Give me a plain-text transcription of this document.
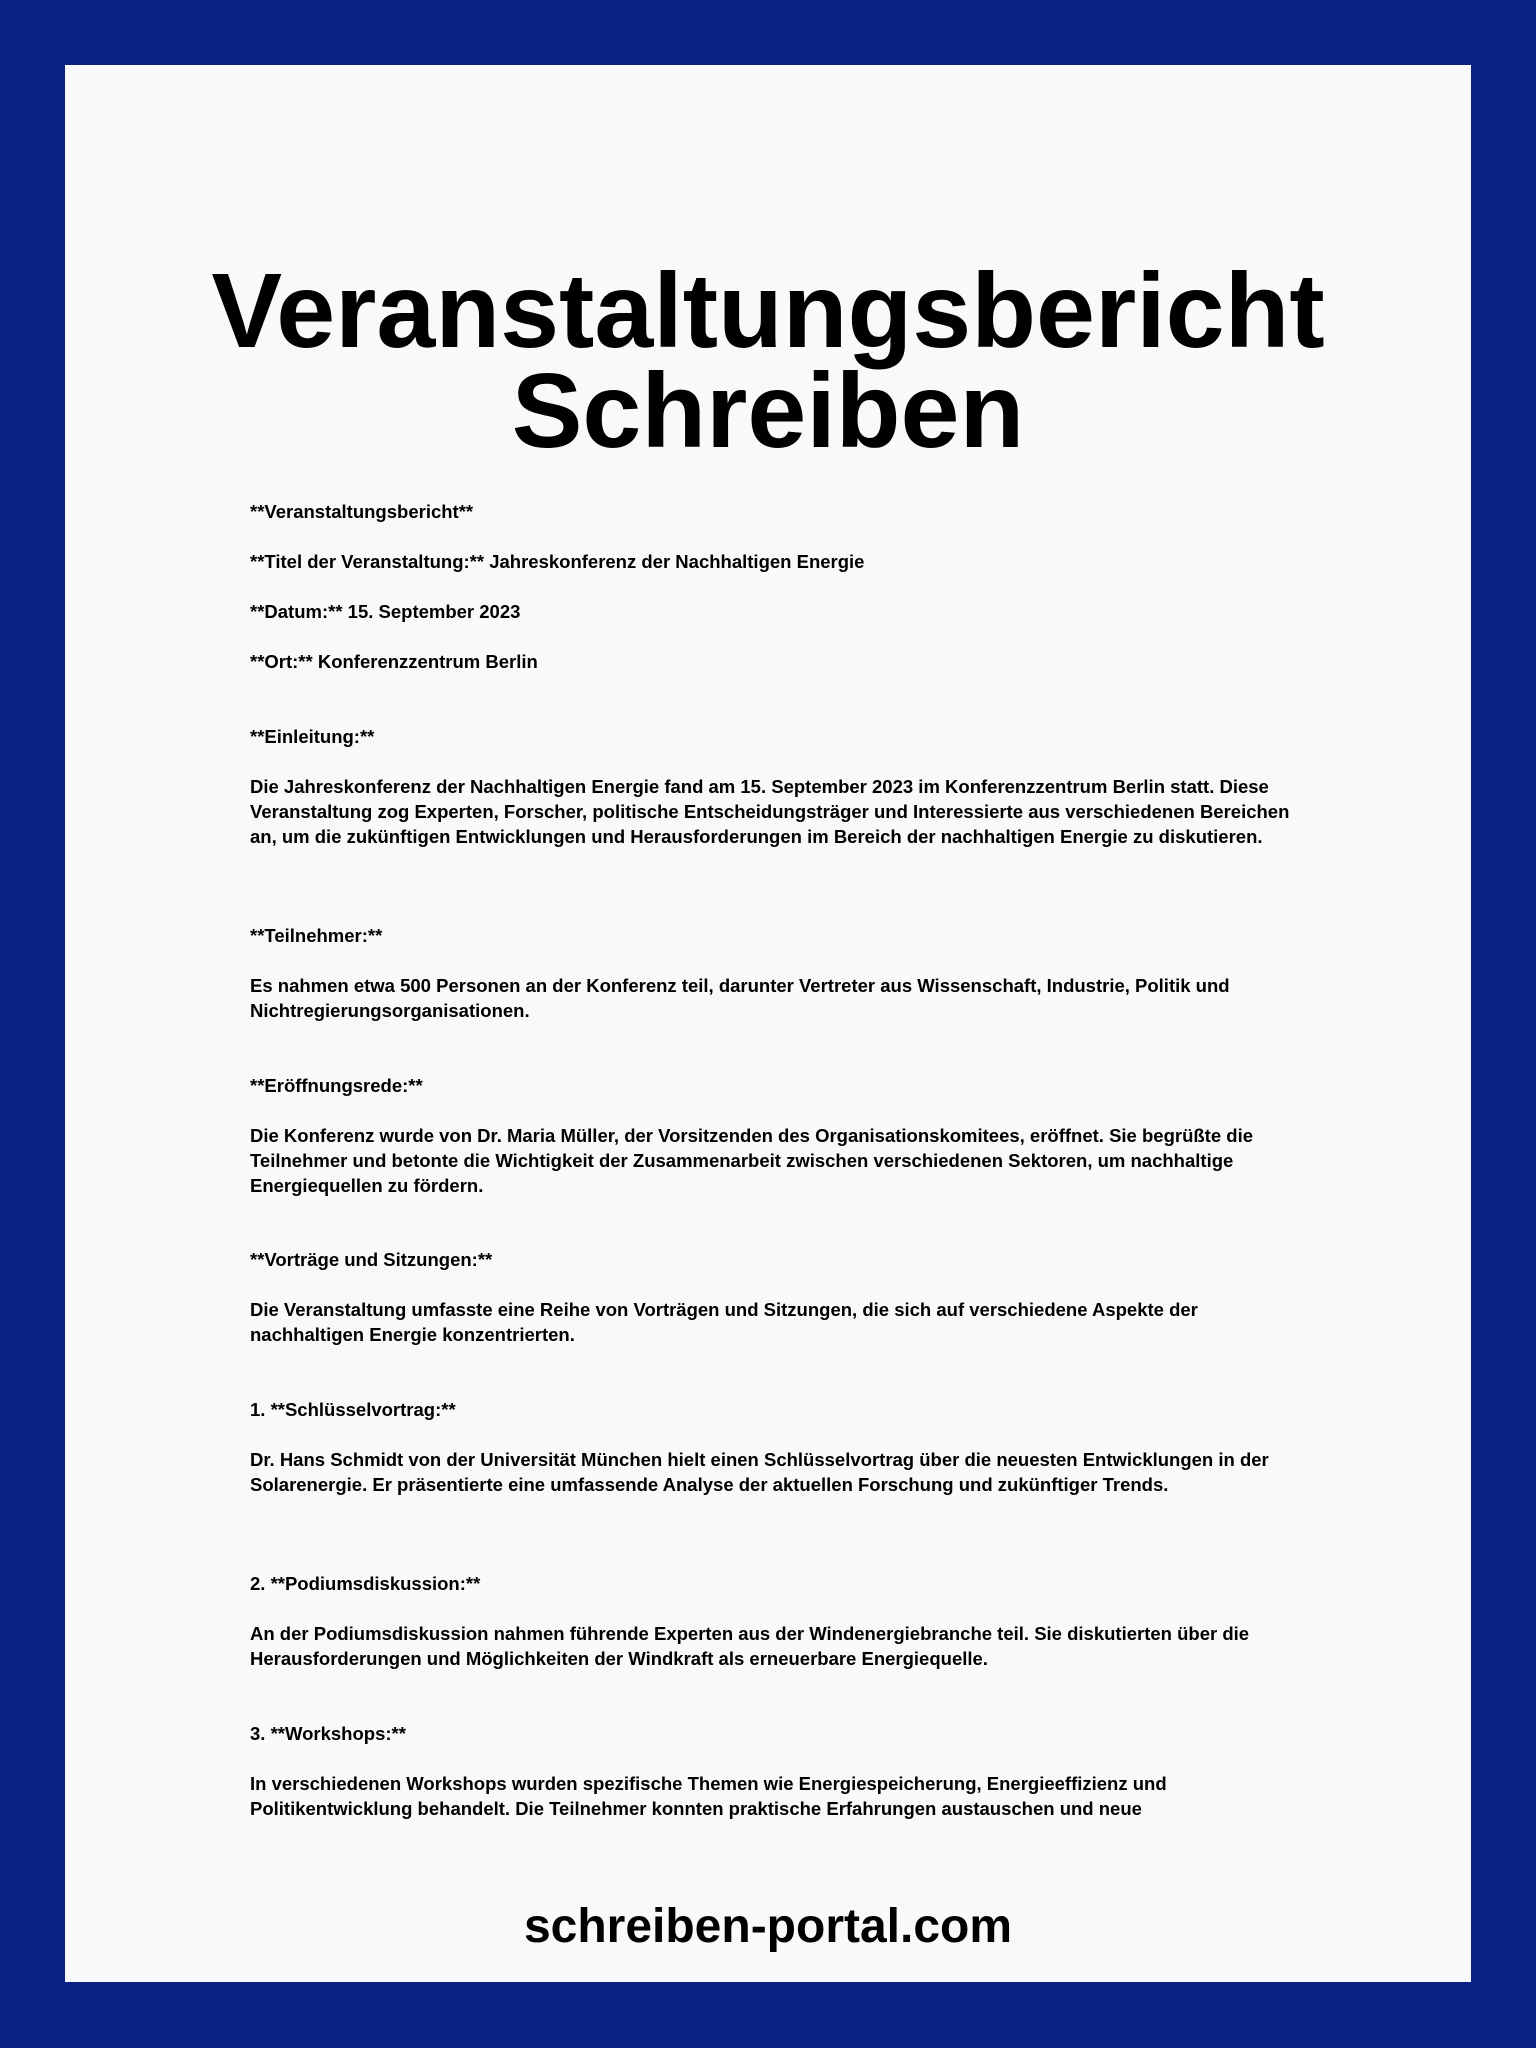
Veranstaltungsbericht
Schreiben

**Veranstaltungsbericht**

**Titel der Veranstaltung:** Jahreskonferenz der Nachhaltigen Energie

**Datum:** 15. September 2023

**Ort:** Konferenzzentrum Berlin

**Einleitung:**

Die Jahreskonferenz der Nachhaltigen Energie fand am 15. September 2023 im Konferenzzentrum Berlin statt. Diese Veranstaltung zog Experten, Forscher, politische Entscheidungsträger und Interessierte aus verschiedenen Bereichen an, um die zukünftigen Entwicklungen und Herausforderungen im Bereich der nachhaltigen Energie zu diskutieren.

**Teilnehmer:**

Es nahmen etwa 500 Personen an der Konferenz teil, darunter Vertreter aus Wissenschaft, Industrie, Politik und Nichtregierungsorganisationen.

**Eröffnungsrede:**

Die Konferenz wurde von Dr. Maria Müller, der Vorsitzenden des Organisationskomitees, eröffnet. Sie begrüßte die Teilnehmer und betonte die Wichtigkeit der Zusammenarbeit zwischen verschiedenen Sektoren, um nachhaltige Energiequellen zu fördern.

**Vorträge und Sitzungen:**

Die Veranstaltung umfasste eine Reihe von Vorträgen und Sitzungen, die sich auf verschiedene Aspekte der nachhaltigen Energie konzentrierten.

1. **Schlüsselvortrag:**

Dr. Hans Schmidt von der Universität München hielt einen Schlüsselvortrag über die neuesten Entwicklungen in der Solarenergie. Er präsentierte eine umfassende Analyse der aktuellen Forschung und zukünftiger Trends.

2. **Podiumsdiskussion:**

An der Podiumsdiskussion nahmen führende Experten aus der Windenergiebranche teil. Sie diskutierten über die Herausforderungen und Möglichkeiten der Windkraft als erneuerbare Energiequelle.

3. **Workshops:**

In verschiedenen Workshops wurden spezifische Themen wie Energiespeicherung, Energieeffizienz und Politikentwicklung behandelt. Die Teilnehmer konnten praktische Erfahrungen austauschen und neue

schreiben-portal.com
